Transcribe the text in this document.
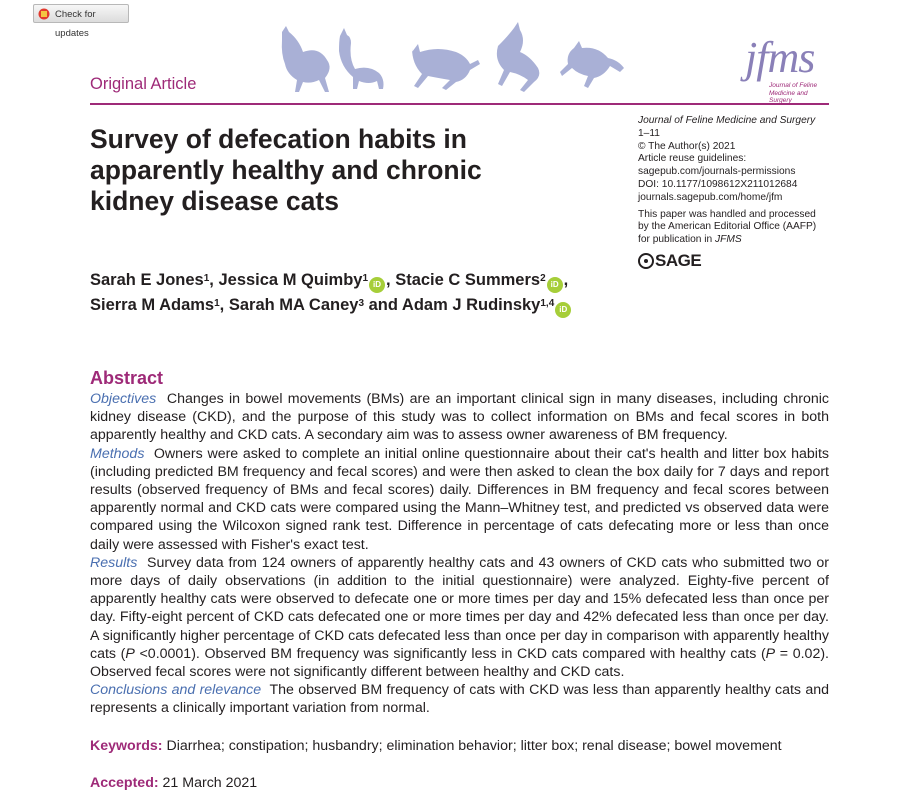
Check for updates
Original Article
jfms
Journal of Feline
Medicine and Surgery
Survey of defecation habits in apparently healthy and chronic kidney disease cats
Journal of Feline Medicine and Surgery
1–11
© The Author(s) 2021
Article reuse guidelines:
sagepub.com/journals-permissions
DOI: 10.1177/1098612X211012684
journals.sagepub.com/home/jfm
This paper was handled and processed
by the American Editorial Office (AAFP)
for publication in JFMS
SAGE
Sarah E Jones$^1$, Jessica M Quimby$^1$iD , Stacie C Summers$^2$iD ,
Sierra M Adams$^1$, Sarah MA Caney$^3$ and Adam J Rudinsky$^{1,4}$iD
Abstract

Objectives Changes in bowel movements (BMs) are an important clinical sign in many diseases, including chronic kidney disease (CKD), and the purpose of this study was to collect information on BMs and fecal scores in both apparently healthy and CKD cats. A secondary aim was to assess owner awareness of BM frequency.

Methods Owners were asked to complete an initial online questionnaire about their cat's health and litter box habits (including predicted BM frequency and fecal scores) and were then asked to clean the box daily for 7 days and report results (observed frequency of BMs and fecal scores) daily. Differences in BM frequency and fecal scores between apparently normal and CKD cats were compared using the Mann–Whitney test, and predicted vs observed data were compared using the Wilcoxon signed rank test. Difference in percentage of cats defecating more or less than once daily were assessed with Fisher's exact test.

Results Survey data from 124 owners of apparently healthy cats and 43 owners of CKD cats who submitted two or more days of daily observations (in addition to the initial questionnaire) were analyzed. Eighty-five percent of apparently healthy cats were observed to defecate one or more times per day and 15% defecated less than once per day. Fifty-eight percent of CKD cats defecated one or more times per day and 42% defecated less than once per day. A significantly higher percentage of CKD cats defecated less than once per day in comparison with apparently healthy cats (P <0.0001). Observed BM frequency was significantly less in CKD cats compared with healthy cats (P = 0.02). Observed fecal scores were not significantly different between healthy and CKD cats.

Conclusions and relevance The observed BM frequency of cats with CKD was less than apparently healthy cats and represents a clinically important variation from normal.

Keywords: Diarrhea; constipation; husbandry; elimination behavior; litter box; renal disease; bowel movement
Accepted: 21 March 2021
